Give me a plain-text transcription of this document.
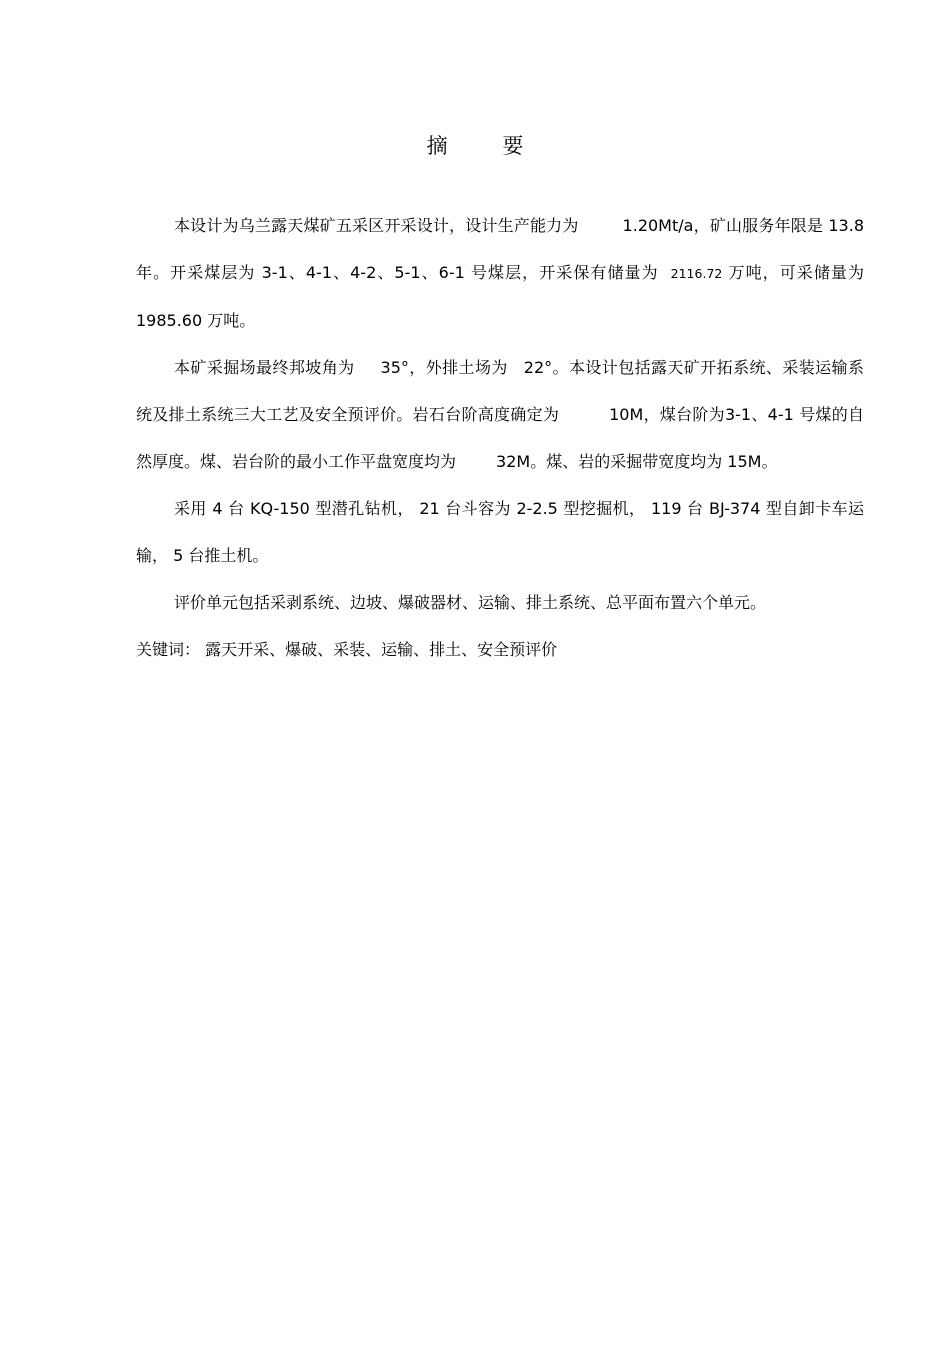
摘 要

本设计为乌兰露天煤矿五采区开采设计，设计生产能力为	1.20Mt/a，矿山服务年限是 13.8年。开采煤层为 3-1、4-1、4-2、5-1、6-1 号煤层，开采保有储量为 2116.72 万吨，可采储量为 1985.60 万吨。

本矿采掘场最终邦坡角为 35°，外排土场为 22°。本设计包括露天矿开拓系统、采装运输系统及排土系统三大工艺及安全预评价。岩石台阶高度确定为	10M，煤台阶为3-1、4-1 号煤的自然厚度。煤、岩台阶的最小工作平盘宽度均为	32M。煤、岩的采掘带宽度均为 15M。

采用 4 台 KQ-150 型潜孔钻机， 21 台斗容为 2-2.5 型挖掘机， 119 台 BJ-374 型自卸卡车运输， 5 台推土机。

评价单元包括采剥系统、边坡、爆破器材、运输、排土系统、总平面布置六个单元。

关键词： 露天开采、爆破、采装、运输、排土、安全预评价
